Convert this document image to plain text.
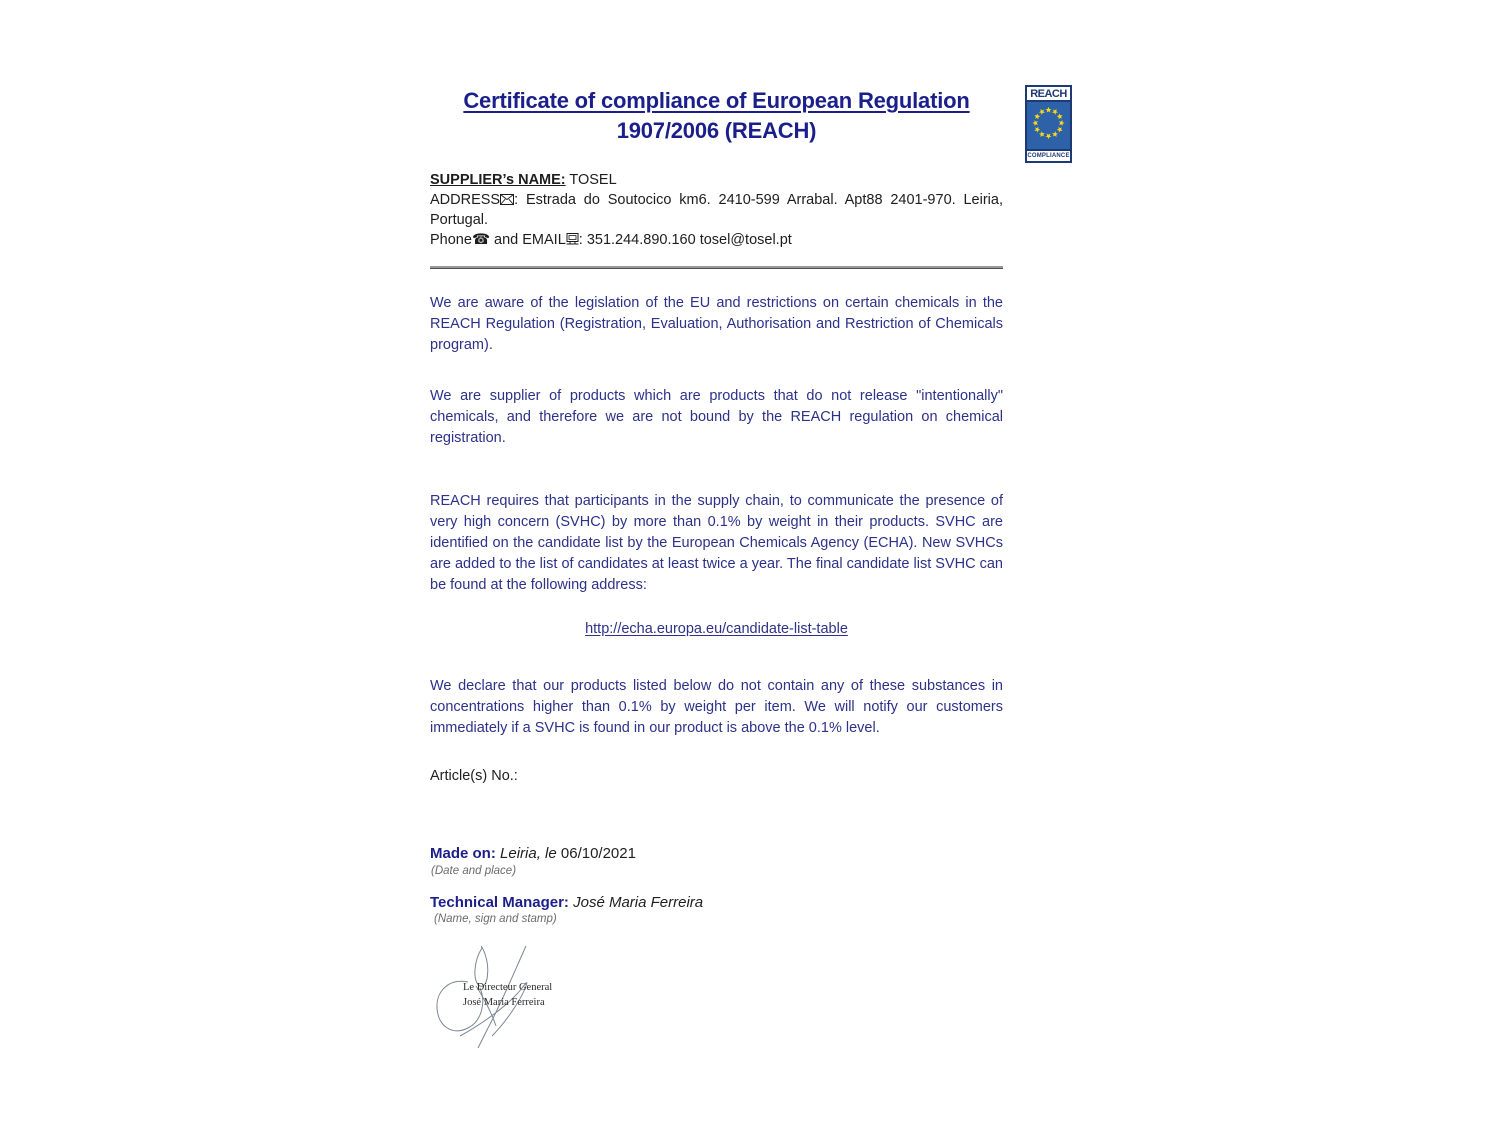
Certificate of compliance of European Regulation
1907/2006 (REACH)
REACH
COMPLIANCE
SUPPLIER’s NAME: TOSEL
ADDRESS : Estrada do Soutocico km6. 2410-599 Arrabal. Apt88 2401-970. Leiria, Portugal.
Phone☎ and EMAIL : 351.244.890.160 tosel@tosel.pt

We are aware of the legislation of the EU and restrictions on certain chemicals in the REACH Regulation (Registration, Evaluation, Authorisation and Restriction of Chemicals program).

We are supplier of products which are products that do not release "intentionally" chemicals, and therefore we are not bound by the REACH regulation on chemical registration.

REACH requires that participants in the supply chain, to communicate the presence of very high concern (SVHC) by more than 0.1% by weight in their products. SVHC are identified on the candidate list by the European Chemicals Agency (ECHA). New SVHCs are added to the list of candidates at least twice a year. The final candidate list SVHC can be found at the following address:

http://echa.europa.eu/candidate-list-table

We declare that our products listed below do not contain any of these substances in concentrations higher than 0.1% by weight per item. We will notify our customers immediately if a SVHC is found in our product is above the 0.1% level.

Article(s) No.:
Made on: Leiria, le 06/10/2021
(Date and place)
Technical Manager: José Maria Ferreira
(Name, sign and stamp)
Le Directeur General
José Maria Ferreira
